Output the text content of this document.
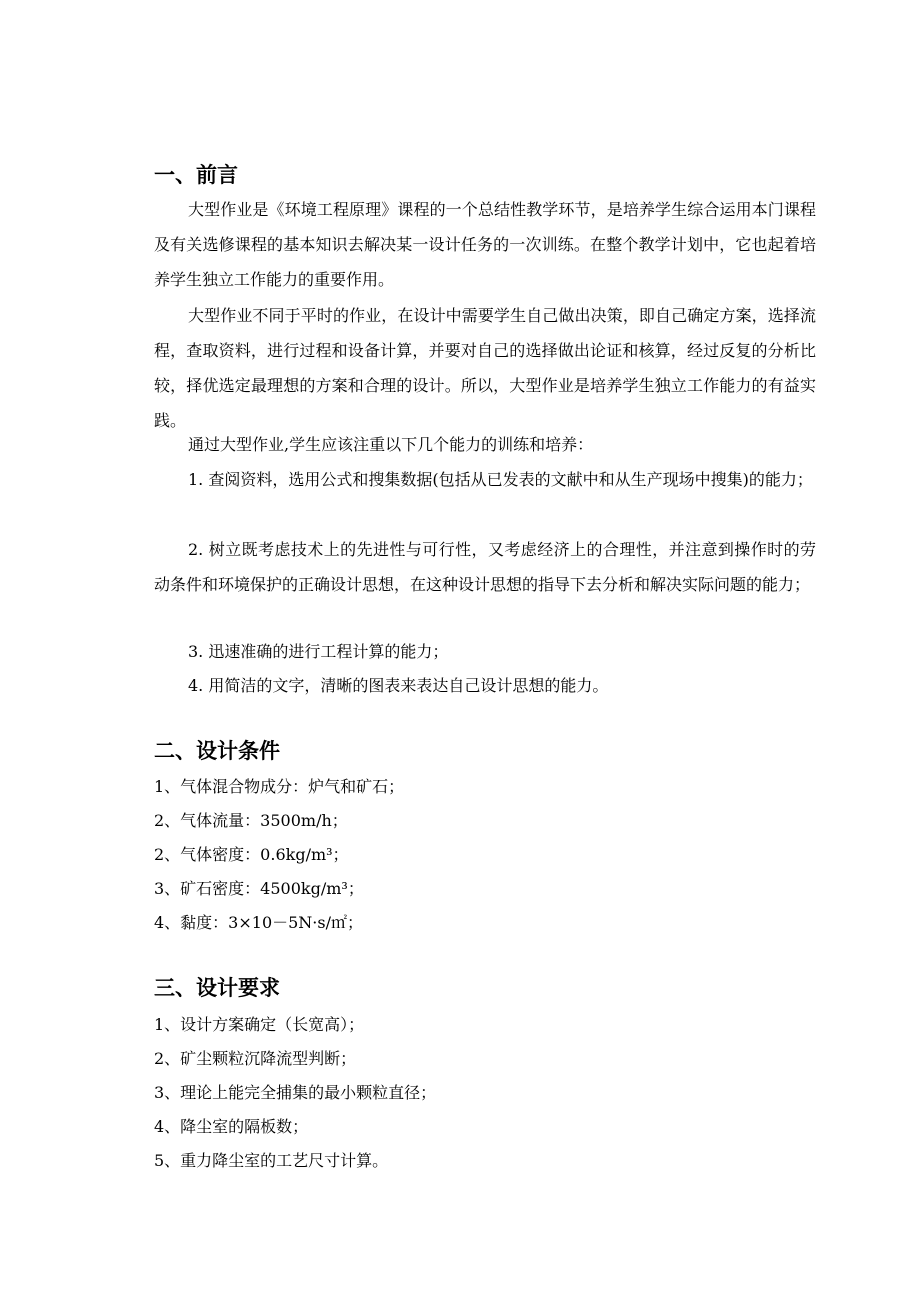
一、前言

大型作业是《环境工程原理》课程的一个总结性教学环节，是培养学生综合运用本门课程及有关选修课程的基本知识去解决某一设计任务的一次训练。在整个教学计划中，它也起着培养学生独立工作能力的重要作用。

大型作业不同于平时的作业，在设计中需要学生自己做出决策，即自己确定方案，选择流程，查取资料，进行过程和设备计算，并要对自己的选择做出论证和核算，经过反复的分析比较，择优选定最理想的方案和合理的设计。所以，大型作业是培养学生独立工作能力的有益实践。

通过大型作业,学生应该注重以下几个能力的训练和培养：

1. 查阅资料，选用公式和搜集数据(包括从已发表的文献中和从生产现场中搜集)的能力；

2. 树立既考虑技术上的先进性与可行性，又考虑经济上的合理性，并注意到操作时的劳动条件和环境保护的正确设计思想，在这种设计思想的指导下去分析和解决实际问题的能力；

3. 迅速准确的进行工程计算的能力；

4. 用简洁的文字，清晰的图表来表达自己设计思想的能力。

二、设计条件

1、气体混合物成分：炉气和矿石；

2、气体流量：3500m/h；

2、气体密度：0.6kg/m³；

3、矿石密度：4500kg/m³；

4、黏度：3×10－5N·s/㎡；

三、设计要求

1、设计方案确定（长宽高）；

2、矿尘颗粒沉降流型判断；

3、理论上能完全捕集的最小颗粒直径；

4、降尘室的隔板数；

5、重力降尘室的工艺尺寸计算。
